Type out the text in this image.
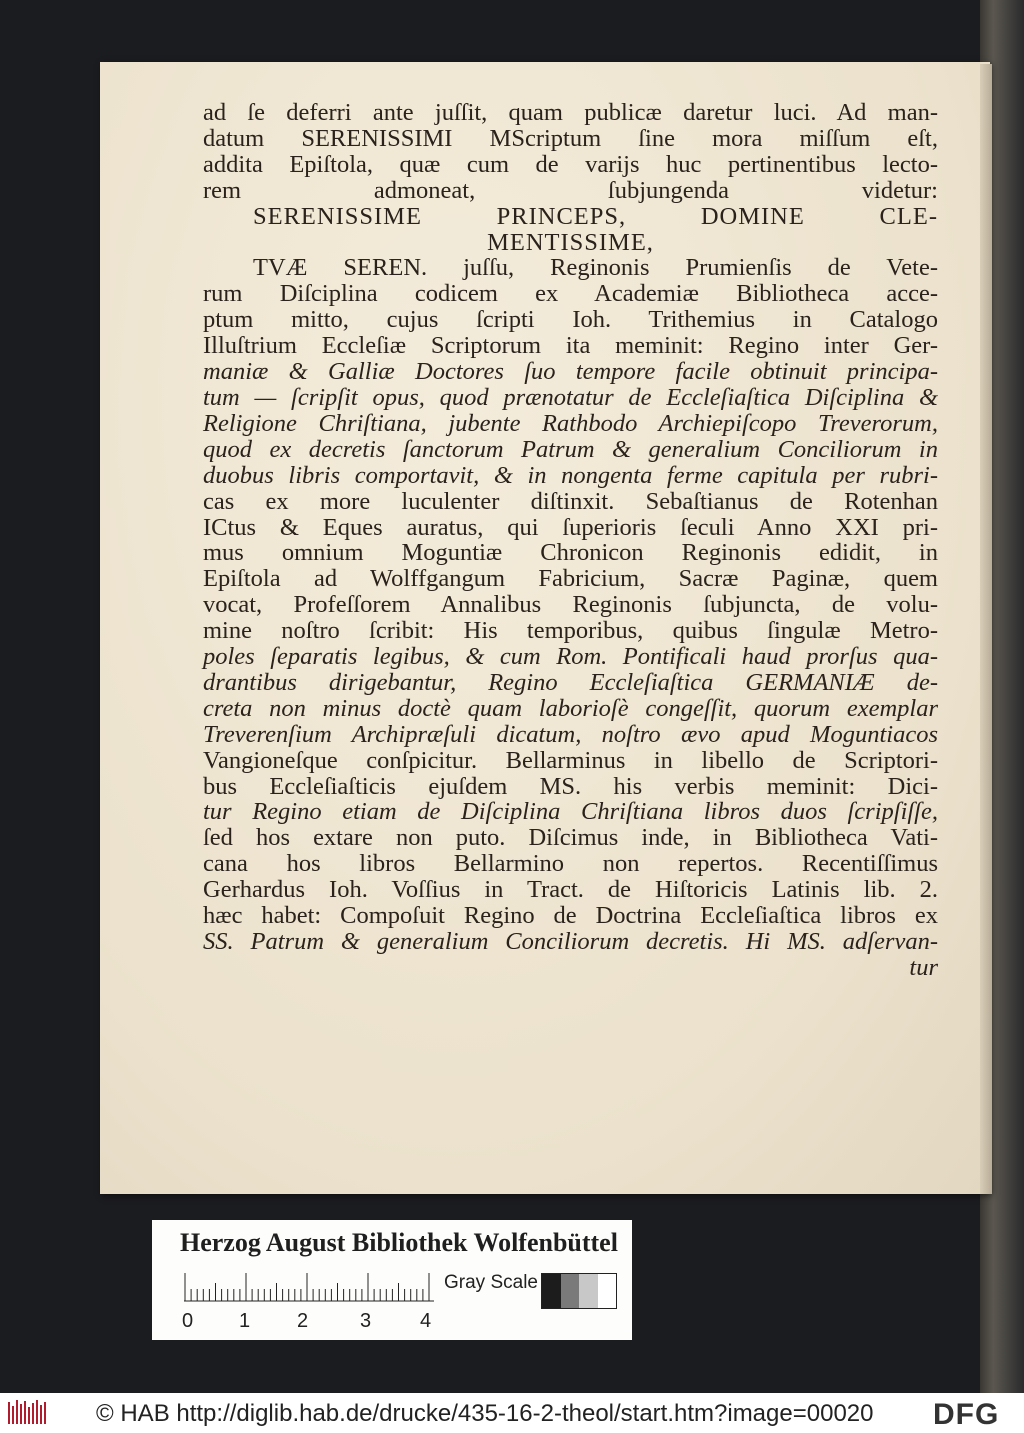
ad ſe deferri ante juſſit, quam publicæ daretur luci. Ad man-
datum SERENISSIMI MScriptum ſine mora miſſum eſt,
addita Epiſtola, quæ cum de varijs huc pertinentibus lecto-
rem admoneat, ſubjungenda videtur:
SERENISSIME PRINCEPS, DOMINE CLE-
MENTISSIME,
TVÆ SEREN. juſſu, Reginonis Prumienſis de Vete-
rum Diſciplina codicem ex Academiæ Bibliotheca acce-
ptum mitto, cujus ſcripti Ioh. Trithemius in Catalogo
Illuſtrium Eccleſiæ Scriptorum ita meminit: Regino inter Ger-
maniæ & Galliæ Doctores ſuo tempore facile obtinuit principa-
tum — ſcripſit opus, quod prænotatur de Eccleſiaſtica Diſciplina &
Religione Chriſtiana, jubente Rathbodo Archiepiſcopo Treverorum,
quod ex decretis ſanctorum Patrum & generalium Conciliorum in
duobus libris comportavit, & in nongenta ferme capitula per rubri-
cas ex more luculenter diſtinxit. Sebaſtianus de Rotenhan
ICtus & Eques auratus, qui ſuperioris ſeculi Anno XXI pri-
mus omnium Moguntiæ Chronicon Reginonis edidit, in
Epiſtola ad Wolffgangum Fabricium, Sacræ Paginæ, quem
vocat, Profeſſorem Annalibus Reginonis ſubjuncta, de volu-
mine noſtro ſcribit: His temporibus, quibus ſingulæ Metro-
poles ſeparatis legibus, & cum Rom. Pontificali haud prorſus qua-
drantibus dirigebantur, Regino Eccleſiaſtica GERMANIÆ de-
creta non minus doctè quam laborioſè congeſſit, quorum exemplar
Treverenſium Archipræſuli dicatum, noſtro ævo apud Moguntiacos
Vangioneſque conſpicitur. Bellarminus in libello de Scriptori-
bus Eccleſiaſticis ejuſdem MS. his verbis meminit: Dici-
tur Regino etiam de Diſciplina Chriſtiana libros duos ſcripſiſſe,
ſed hos extare non puto. Diſcimus inde, in Bibliotheca Vati-
cana hos libros Bellarmino non repertos. Recentiſſimus
Gerhardus Ioh. Voſſius in Tract. de Hiſtoricis Latinis lib. 2.
hæc habet: Compoſuit Regino de Doctrina Eccleſiaſtica libros ex
SS. Patrum & generalium Conciliorum decretis. Hi MS. adſervan-
tur
Herzog August Bibliothek Wolfenbüttel
0 1 2	3 4
Gray Scale
© HAB http://diglib.hab.de/drucke/435-16-2-theol/start.htm?image=00020 DFG
